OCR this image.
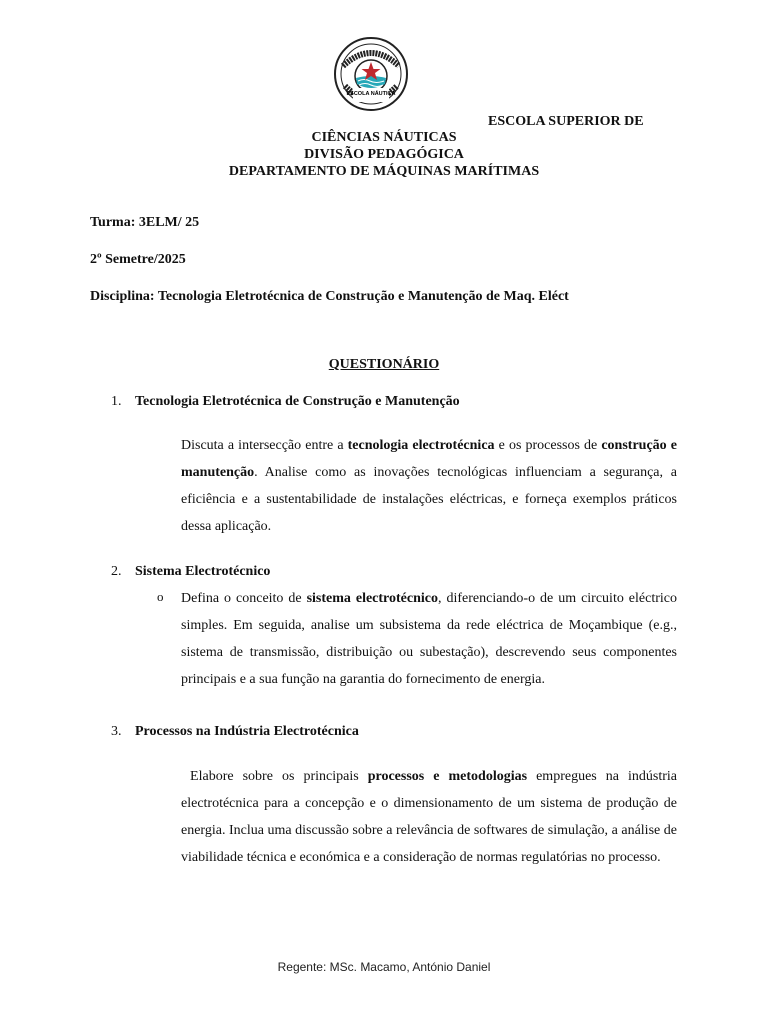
ESCOLA NÁUTICA
BELIÇAS
ESCOLA SUPERIOR DE
CIÊNCIAS NÁUTICAS
DIVISÃO PEDAGÓGICA
DEPARTAMENTO DE MÁQUINAS MARÍTIMAS
Turma: 3ELM/ 25
2º Semetre/2025
Disciplina: Tecnologia Eletrotécnica de Construção e Manutenção de Maq. Eléct
QUESTIONÁRIO
1. Tecnologia Eletrotécnica de Construção e Manutenção

Discuta a intersecção entre a tecnologia electrotécnica e os processos de construção e manutenção. Analise como as inovações tecnológicas influenciam a segurança, a eficiência e a sustentabilidade de instalações eléctricas, e forneça exemplos práticos dessa aplicação.

2. Sistema Electrotécnico
o Defina o conceito de sistema electrotécnico, diferenciando-o de um circuito eléctrico simples. Em seguida, analise um subsistema da rede eléctrica de Moçambique (e.g., sistema de transmissão, distribuição ou subestação), descrevendo seus componentes principais e a sua função na garantia do fornecimento de energia.

3. Processos na Indústria Electrotécnica

Elabore sobre os principais processos e metodologias empregues na indústria electrotécnica para a concepção e o dimensionamento de um sistema de produção de energia. Inclua uma discussão sobre a relevância de softwares de simulação, a análise de viabilidade técnica e económica e a consideração de normas regulatórias no processo.

Regente: MSc. Macamo, António Daniel
